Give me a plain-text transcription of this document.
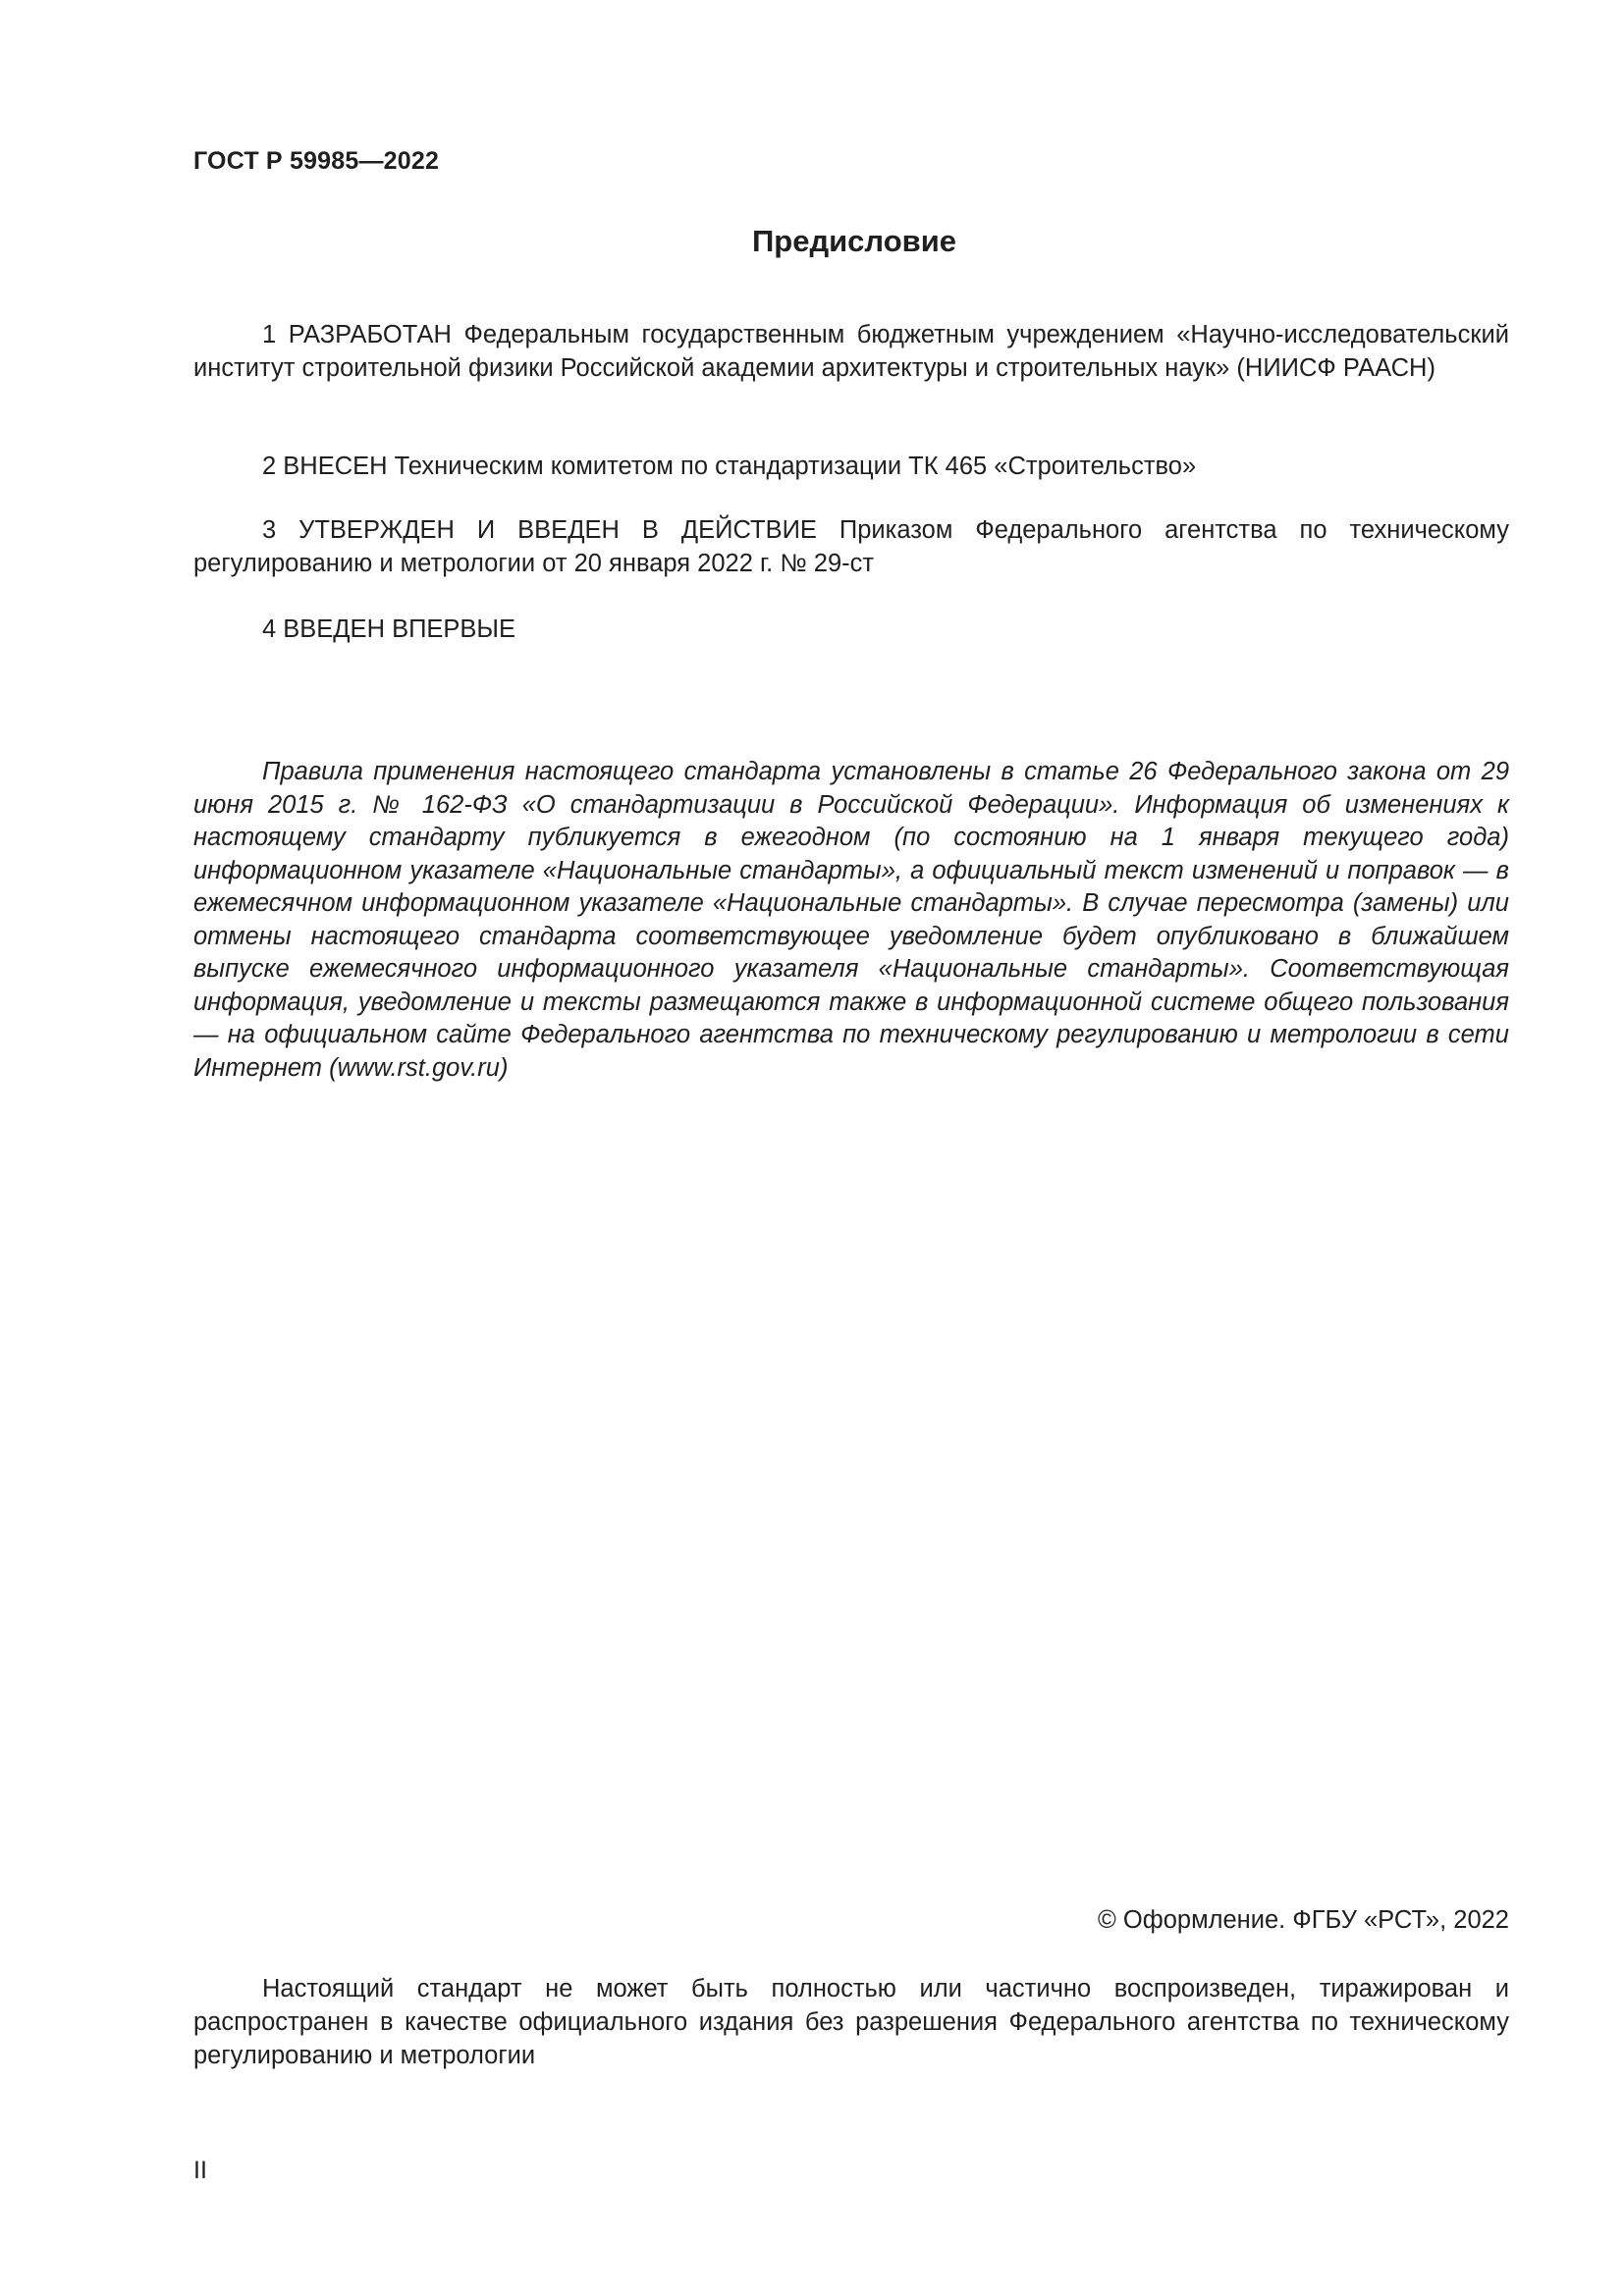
ГОСТ Р 59985—2022
Предисловие

1 РАЗРАБОТАН Федеральным государственным бюджетным учреждением «Научно-исследовательский институт строительной физики Российской академии архитектуры и строительных наук» (НИИСФ РААСН)

2 ВНЕСЕН Техническим комитетом по стандартизации ТК 465 «Строительство»

3 УТВЕРЖДЕН И ВВЕДЕН В ДЕЙСТВИЕ Приказом Федерального агентства по техническому регулированию и метрологии от 20 января 2022 г. № 29-ст

4 ВВЕДЕН ВПЕРВЫЕ

Правила применения настоящего стандарта установлены в статье 26 Федерального закона от 29 июня 2015 г. № 162-ФЗ «О стандартизации в Российской Федерации». Информация об изменениях к настоящему стандарту публикуется в ежегодном (по состоянию на 1 января текущего года) информационном указателе «Национальные стандарты», а официальный текст изменений и поправок — в ежемесячном информационном указателе «Национальные стандарты». В случае пересмотра (замены) или отмены настоящего стандарта соответствующее уведомление будет опубликовано в ближайшем выпуске ежемесячного информационного указателя «Национальные стандарты». Соответствующая информация, уведомление и тексты размещаются также в информационной системе общего пользования — на официальном сайте Федерального агентства по техническому регулированию и метрологии в сети Интернет (www.rst.gov.ru)

© Оформление. ФГБУ «РСТ», 2022

Настоящий стандарт не может быть полностью или частично воспроизведен, тиражирован и распространен в качестве официального издания без разрешения Федерального агентства по техническому регулированию и метрологии

II
